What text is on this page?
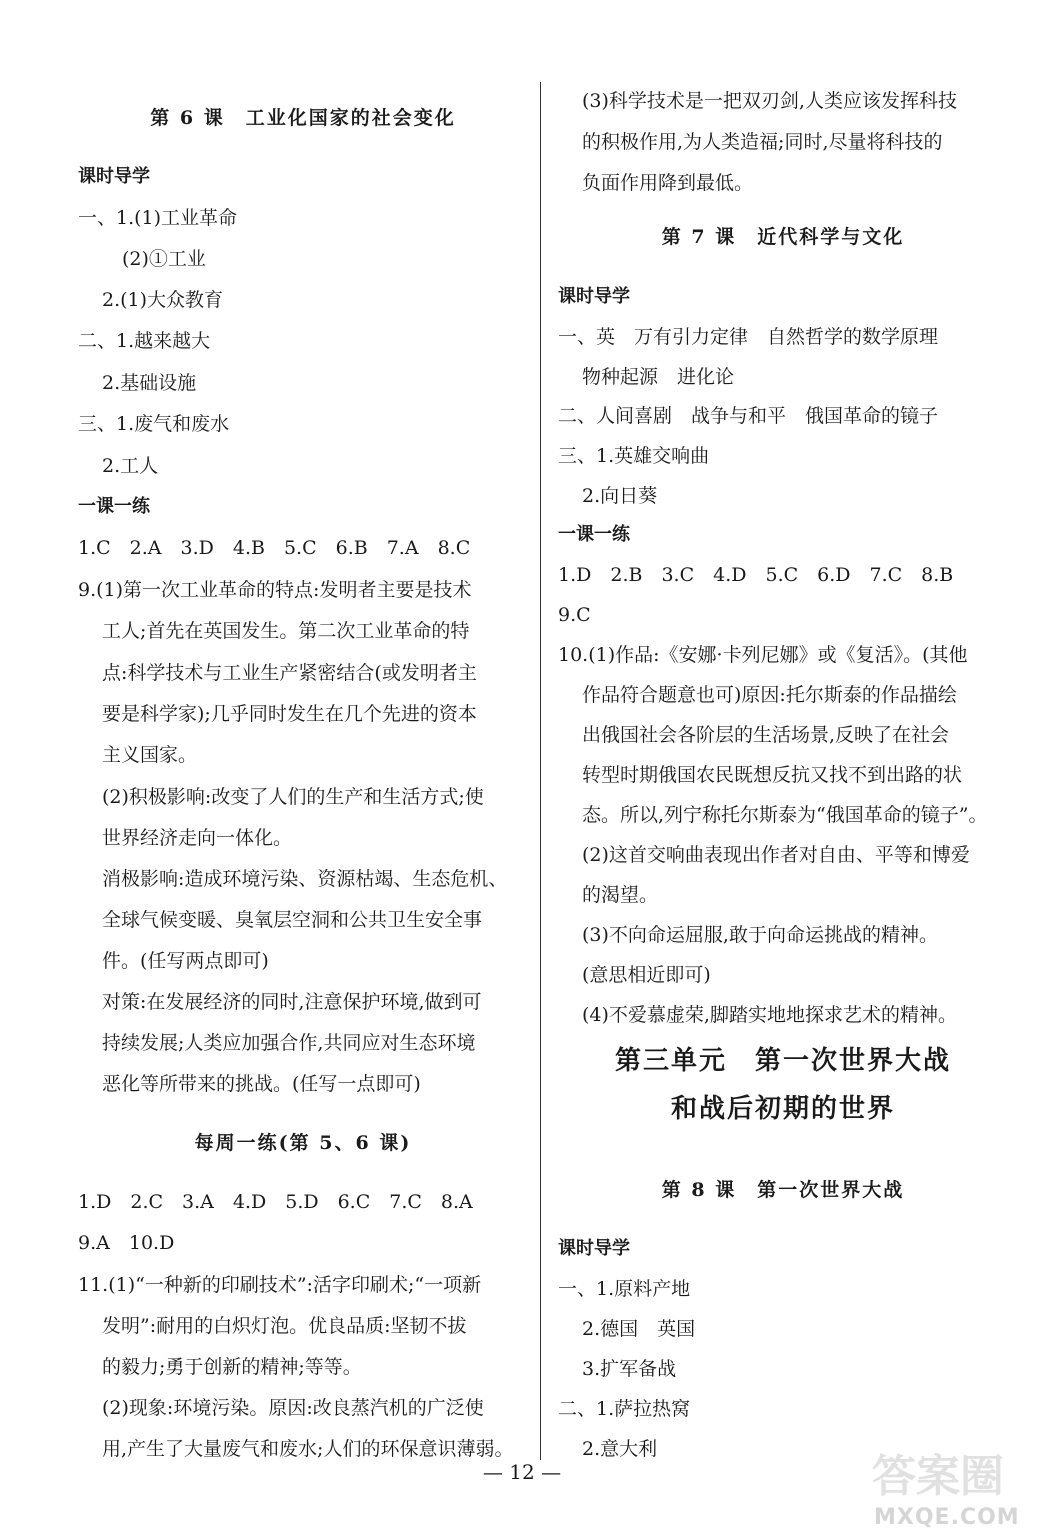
第 6 课　工业化国家的社会变化
课时导学
一、1.(1)工业革命
(2)①工业
2.(1)大众教育
二、1.越来越大
2.基础设施
三、1.废气和废水
2.工人
一课一练
1.C　2.A　3.D　4.B　5.C　6.B　7.A　8.C
9.(1)第一次工业革命的特点:发明者主要是技术
工人;首先在英国发生。第二次工业革命的特
点:科学技术与工业生产紧密结合(或发明者主
要是科学家);几乎同时发生在几个先进的资本
主义国家。
(2)积极影响:改变了人们的生产和生活方式;使
世界经济走向一体化。
消极影响:造成环境污染、资源枯竭、生态危机、
全球气候变暖、臭氧层空洞和公共卫生安全事
件。(任写两点即可)
对策:在发展经济的同时,注意保护环境,做到可
持续发展;人类应加强合作,共同应对生态环境
恶化等所带来的挑战。(任写一点即可)
每周一练(第 5、6 课)
1.D　2.C　3.A　4.D　5.D　6.C　7.C　8.A
9.A　10.D
11.(1)“一种新的印刷技术”:活字印刷术;“一项新
发明”:耐用的白炽灯泡。优良品质:坚韧不拔
的毅力;勇于创新的精神;等等。
(2)现象:环境污染。原因:改良蒸汽机的广泛使
用,产生了大量废气和废水;人们的环保意识薄弱。
(3)科学技术是一把双刃剑,人类应该发挥科技
的积极作用,为人类造福;同时,尽量将科技的
负面作用降到最低。
第 7 课　近代科学与文化
课时导学
一、英　万有引力定律　自然哲学的数学原理
物种起源　进化论
二、人间喜剧　战争与和平　俄国革命的镜子
三、1.英雄交响曲
2.向日葵
一课一练
1.D　2.B　3.C　4.D　5.C　6.D　7.C　8.B
9.C
10.(1)作品:《安娜·卡列尼娜》或《复活》。(其他
作品符合题意也可)原因:托尔斯泰的作品描绘
出俄国社会各阶层的生活场景,反映了在社会
转型时期俄国农民既想反抗又找不到出路的状
态。所以,列宁称托尔斯泰为“俄国革命的镜子”。
(2)这首交响曲表现出作者对自由、平等和博爱
的渴望。
(3)不向命运屈服,敢于向命运挑战的精神。
(意思相近即可)
(4)不爱慕虚荣,脚踏实地地探求艺术的精神。
第三单元　第一次世界大战
和战后初期的世界
第 8 课　第一次世界大战
课时导学
一、1.原料产地
2.德国　英国
3.扩军备战
二、1.萨拉热窝
2.意大利
— 12 —	答案圈
MXQE.COM
